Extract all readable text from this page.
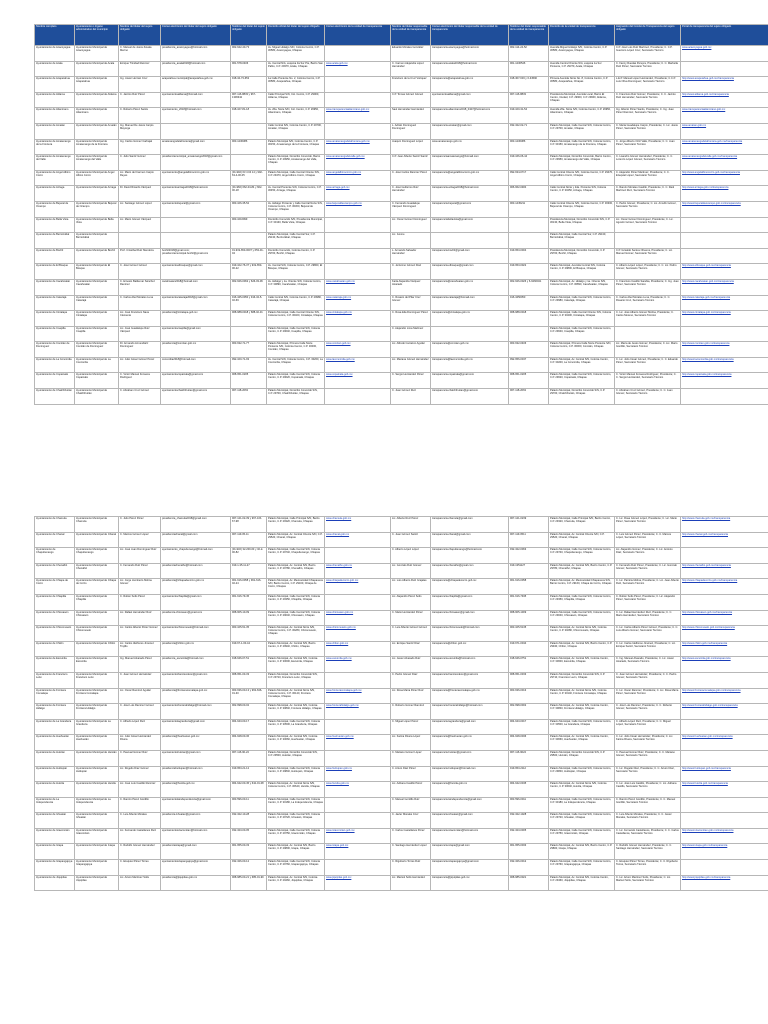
Nombre completo	Ayuntamiento o órgano administrativo del municipio	Nombre del titular del sujeto obligado	Correo electrónico del titular del sujeto obligado	Teléfono del titular del sujeto obligado	Domicilio oficial del titular del sujeto obligado	Correo electrónico de la unidad de transparencia	Nombre del titular responsable de la unidad de transparencia	Correo electrónico del titular responsable de la unidad de transparencia	Teléfono del titular responsable de la unidad de transparencia	Domicilio de la unidad de transparencia	Asignación del Comité de Transparencia del sujeto obligado	Portal de transparencia del sujeto obligado
Ayuntamiento de Acacoyagua	Ayuntamiento Municipal de Acacoyagua	C. Manuel de Jesús Zavala Merino	presidencia_acacoyagua@hotmail.com	962-642-40-73	Av. Miguel Hidalgo S/N, Colonia Centro, C.P. 30580, Acacoyagua, Chiapas		Eduardo Morales González	transparencia.acacoyagua@hotmail.com	962-114-24-52	Avenida Miguel Hidalgo S/N, Colonia Centro, C.P. 30580, Acacoyagua, Chiapas	C.P. José Luis Ruiz Martínez, Presidente; C. C.P. Guerrero López Cruz, Secretario Técnico	www.acacoyagua.gob.mx
Ayuntamiento de Acala	Ayuntamiento Municipal de Acala	Enrique Trinidad Ramírez	presidencia_acala2018@hotmail.com	961-578-0406	Av. Central N/A, esquina 3a Sur Pte, Barrio San Pablo, C.P. 29370, Acala, Chiapas	www.acala.gob.mx	C. Carmen Alejandra López Hernández	transparencia.acala2018@hotmail.com	961-1236546	Avenida Central Oriente N/A, esquina 1a Sur Poniente, C.P. 29370, Acala, Chiapas	C. Fanny Ruedas Pereyra, Presidente; C. C. Marbella Ruiz Pérez, Secretario Técnico	
Ayuntamiento de Acapetahua	Ayuntamiento Municipal de Acapetahua	Ing. Javier Hernán Cruz	acapetahua.municipal@acapetahua.gob.mx	918-34-73-653	1a Calle Poniente No. 2, Colonia Centro, C.P. 30580, Acapetahua, Chiapas		Francisco de la Cruz Vázquez	transparencia@acapetahua.gob.mx	918-307-633 y 6-34590	Primera Avenida Norte No. 8, Colonia Centro, C.P. 30580, Acapetahua, Chiapas	L.E.P. Manuel López Hernández, Presidente; C.C.P. Luis Oliva Domínguez, Secretario Técnico	http://www.acapetahua.gob.mx/transparencia
Ayuntamiento de Aldama	Ayuntamiento Municipal de Aldama	C. Jacinto Ruiz Pérez	ayuntamientoaldama@hotmail.com	967-116-8833 y 967-1306342	Calle Principal S/N, Col. Centro, C.P. 29900, Aldama, Chiapas		C.P. Tomas Gómez Gómez	ayuntamientoaldama@gmail.com	967-116-8833	Presidencia Municipal, Avenida Local, Barrio El Centro, Ciudad, C.P. 29900, C.P. 29900, Aldama, Chiapas	C. Francisco Ruiz Gómez, Presidente; C. C. Jacinto Ruiz Hernández, Secretario Técnico	http://www.aldama.gob.mx/transparencia
Ayuntamiento de Altamirano	Ayuntamiento Municipal de Altamirano	C. Roberto Pérez Santis	ayuntamiento_2018@hotmail.com	918-107-81-18	Av. 26a. Norte S/N, Col. Centro, C.P. 29950, Altamirano, Chiapas	www.transparenciaaltamirano.gob.mx	Saul Hernández Hernández	transparencia.altamirano2018_0427@hotmail.com	919-100-31-54	Avenida 26a. Norte S/N, Colonia Centro, C.P. 29950, Altamirano, Chiapas	Ing. Alberto Pérez Santis, Presidente; C. Ing. Juan Pérez Ramírez, Secretario Técnico	www.transparenciaaltamirano.gob.mx
Ayuntamiento de Amatán	Ayuntamiento Municipal de Amatán	Ing. Manuel De Jesús Carpio Mayorga			Calle Central S/N, Colonia Centro, C.P. 29700, Amatán, Chiapas		L. Adrián Domínguez Domínguez	transparencia.amatan@gmail.com	932-322-02-71	Palacio Municipal, Calle Central S/N, Colonia Centro, C.P. 29700, Amatán, Chiapas	C. María Guadalupe Carpio, Presidente; C. Lic. Jesús Pérez, Secretario Técnico	www.amatan.gob.mx
Ayuntamiento de Amatenango de la Frontera	Ayuntamiento Municipal de Amatenango de la Frontera	Ing. Carlos Gómez Carbajal	amatenangodelafrontera@gmail.com	963-1236386	Palacio Municipal S/N, Colonia Centro, C.P. 30150, Amatenango de la Frontera, Chiapas	www.amatenangodelafrontera.gob.mx	Joaquín Domínguez López	www.amatenango.gob.mx	963-1236386	Palacio Municipal, Calle Central S/N, Colonia Centro, C.P. 30150, Amatenango de la Frontera, Chiapas	C. Jorge Alberto Ortiz Valle, Presidente; C. C. Juan Pérez, Secretario Técnico	www.amatenangodelafrontera.gob.mx/transparencia
Ayuntamiento de Amatenango del Valle	Ayuntamiento Municipal de Amatenango del Valle	C. Julio Santiz Gómez	presidenciamunicipal_amatenango2018@gmail.com		Palacio Municipal, Domicilio Conocido, Barrio Centro, C.P. 29950, Amatenango del Valle, Chiapas	www.amatenangodelvalle.gob.mx	C.P. Juan Alberto Santiz Santiz	transparenciaamatenango@hotmail.com	919-166-06-44	Palacio Municipal, Domicilio Conocido, Barrio Centro, C.P. 29950, Amatenango del Valle, Chiapas	C. Lisandro Gómez Hernández, Presidente; C. C. Lorenzo López Gómez, Secretario Técnico	www.amatenangodelvalle.gob.mx/transparencia
Ayuntamiento de Angel Albino Corzo	Ayuntamiento Municipal de Angel Albino Corzo	Lic. Mario del Carmen Carpio Reyes	ayuntamiento@angelalbinocorzo.gob.mx	(01-992) 63 4 04 14 y 992-63-4-00-05	Palacio Municipal, Calle Central Oriente S/N, C.P. 29470, Angel Albino Corzo, Chiapas	www.angelalbinocorzo.gob.mx	C. José Carlos Ramírez Pérez	transparencia@angelalbinocorzo.gob.mx	992-634-0717	Calle Central Oriente S/N, Colonia Centro, C.P. 29470, Angel Albino Corzo, Chiapas	C. Alejandro Pérez Martínez, Presidente; C. C. Ezequiel López, Secretario Técnico	http://www.angelalbinocorzo.gob.mx/transparencia
Ayuntamiento de Arriaga	Ayuntamiento Municipal de Arriaga	Dr. David Ricardo Vázquez	ayuntamientoarriaga2018@hotmail.com	(01-966) 662-04-84 y 662-00-18	Av. Central Poniente S/N, Colonia Centro, C.P. 30450, Arriaga, Chiapas	www.arriaga.gob.mx	C. José Guillermo Ruiz Hernández	transparencia.arriaga2018@hotmail.com	966-662-0484	Calle Central Norte y 2da. Poniente S/N, Colonia Centro, C.P. 30450, Arriaga, Chiapas	C. Ramón Morales Castillo, Presidente; C. C. Raúl Martínez Ruiz, Secretario Técnico	http://www.arriaga.gob.mx/transparencia
Ayuntamiento de Bejucal de Ocampo	Ayuntamiento Municipal de Bejucal de Ocampo	Lic. Santiago Gómez López	ayuntamientobejucal@gmail.com	963-106-35-52	Av. Hidalgo Poniente y Calle Central Norte S/N, Colonia Centro, C.P. 30300, Bejucal de Ocampo, Chiapas	www.bejucaldeocampo.gob.mx	C. Fernando Guadalupe Vázquez Domínguez	transparencia.bejucal@gmail.com	963-1445211	Calle Central Oriente S/N, Colonia Centro, C.P. 30300, Bejucal de Ocampo, Chiapas	C. Pedro Gómez, Presidente; C. Lic. Arnulfo Gómez, Secretario Técnico	http://www.bejucaldeocampo.gob.mx/transparencia
Ayuntamiento de Bella Vista	Ayuntamiento Municipal de Bella Vista	Lic. Mario Gómez Vázquez		963-1016999	Domicilio Conocido S/N, Presidencia Municipal, C.P. 30130, Bella Vista, Chiapas		Lic. Oscar Gómez Domínguez	transparenciabellavista@gmail.com		Presidencia Municipal, Domicilio Conocido S/N, C.P. 30130, Bella Vista, Chiapas	Lic. Oscar Gómez Domínguez, Presidente; C. Lic. Agustín Gómez, Secretario Técnico	
Ayuntamiento de Berriozábal	Ayuntamiento Municipal de Berriozábal				Palacio Municipal, Calle Central Sur, C.P. 29130, Berriozábal, Chiapas		Lic. Ivonne			Palacio Municipal, Calle Central Sur, C.P. 29130, Berriozábal, Chiapas		
Ayuntamiento de Bochil	Ayuntamiento Municipal de Bochil	Prof. Cristóbal Ruiz Mendoza	bochil2018@gmail.com; presidenciamunicipal.bochil@gmail.com	01-919-653-0007 y 653-01-04	Domicilio Conocido, Colonia Centro, C.P. 29700, Bochil, Chiapas		L. Armando Salvador Hernández	transparencia.bochil@gmail.com	919-653-0004	Presidencia Municipal, Domicilio Conocido, C.P. 29700, Bochil, Chiapas	C.P. Grisaldo Santos Oliveros, Presidente; C. Lic. Manuel Gómez, Secretario Técnico	
Ayuntamiento de El Bosque	Ayuntamiento Municipal de El Bosque	C. José Gómez Gómez	ayuntamientoelbosque@gmail.com	919-102-76-37 y 919-653-00-22	Av. Central S/N, Colonia Centro, C.P. 29800, El Bosque, Chiapas		C. Jerónimo Gómez Díaz	transparencia.elbosque@gmail.com	919-653-0022	Palacio Municipal, Avenida Central S/N, Colonia Centro, C.P. 29800, El Bosque, Chiapas	C. Alberto López López, Presidente; C. C. Lic. Pedro Gómez, Secretario Técnico	http://www.elbosque.gob.mx/transparencia
Ayuntamiento de Cacahoatán	Ayuntamiento Municipal de Cacahoatán	C. Ernesto Baldemar Sánchez Ramírez	cacahoatan2018@hotmail.com	962-626-0062 y 626-03-06	Av. Hidalgo y 1a. Oriente S/N, Colonia Centro, C.P. 30890, Cacahoatán, Chiapas	www.cacahoatan.gob.mx	Karla Alejandra Vázquez Alvarado	transparencia@cacahoatan.gob.mx	962-626-0026 y 6-6266041	Palacio Municipal, Av. Hidalgo y 1a. Oriente S/N, Colonia Centro, C.P. 30890, Cacahoatán, Chiapas	C. Francisco Castillo Sarabia, Presidente; C. Ing. Juan Pérez, Secretario Técnico	http://www.cacahoatan.gob.mx/transparencia
Ayuntamiento de Catazajá	Ayuntamiento Municipal de Catazajá	C. Carlos Abel Morales Luna	ayuntamientocatazaja2018@gmail.com	916-345-0050 y 916-34-5-02-69	Calle Central S/N, Colonia Centro, C.P. 29980, Catazajá, Chiapas	www.catazaja.gob.mx	C. Rosario del Pilar Cruz Gómez	transparencia.catazaja@hotmail.com	916-3450050	Palacio Municipal, Calle Central S/N, Colonia Centro, C.P. 29980, Catazajá, Chiapas	C. Carlos Abel Morales Luna, Presidente; C. C. Rosario Cruz, Secretario Técnico	http://www.catazaja.gob.mx/transparencia
Ayuntamiento de Cintalapa	Ayuntamiento Municipal de Cintalapa	Lic. José Francisco Nava Clemente	presidencia@cintalapa.gob.mx	968-688-0018 y 688-02-31	Palacio Municipal, Calle Central Oriente S/N, Colonia Centro, C.P. 30400, Cintalapa, Chiapas	www.cintalapa.gob.mx	C. Rosa Elia Domínguez Pérez	transparencia@cintalapa.gob.mx	968-688-0018	Palacio Municipal, Calle Central Oriente S/N, Colonia Centro, C.P. 30400, Cintalapa, Chiapas	C. Lic. José Alberto Gómez Molina, Presidente; C. Carlos Moreno, Secretario Técnico	http://www.cintalapa.gob.mx/transparencia
Ayuntamiento de Coapilla	Ayuntamiento Municipal de Coapilla	Lic. José Guadalupe Ruiz Vázquez	ayuntamientocoapilla@gmail.com		Palacio Municipal, Calle Central S/N, Colonia Centro, C.P. 29640, Coapilla, Chiapas		C. Alejandro Lima Martínez			Palacio Municipal, Calle Central S/N, Colonia Centro, C.P. 29640, Coapilla, Chiapas		
Ayuntamiento de Comitán de Domínguez	Ayuntamiento Municipal de Comitán de Domínguez	Dr. Armando Armendáriz Domínguez	presidencia@comitan.gob.mx	963-632-71-77	Palacio Municipal, Primera Calle Norte Poniente S/N, Colonia Centro, C.P. 30000, Comitán, Chiapas	www.comitan.gob.mx	Lic. Alfredo Carrazco Aguilar	transparencia@comitan.gob.mx	963-632-0406	Palacio Municipal, Primera Calle Norte Poniente S/N, Colonia Centro, C.P. 30000, Comitán, Chiapas	Lic. María de Jesús Gómez, Presidente; C. Lic. Mario Gordillo, Secretario Técnico	http://www.comitan.gob.mx/transparencia
Ayuntamiento de La Concordia	Ayuntamiento Municipal de La Concordia	Lic. Julio César Gómez Pérez	concordia2018@hotmail.com	992-100-71-93	Av. Central S/N, Colonia Centro, C.P. 30200, La Concordia, Chiapas	www.laconcordia.gob.mx	Lic. Mariana Gómez Hernández	transparencia@laconcordia.gob.mx	992-656-0047	Palacio Municipal, Av. Central S/N, Colonia Centro, C.P. 30200, La Concordia, Chiapas	C. Lic. Julio César Gómez, Presidente; C. C. Eduardo Pérez, Secretario Técnico	http://www.laconcordia.gob.mx/transparencia
Ayuntamiento de Copainalá	Ayuntamiento Municipal de Copainalá	C. Victor Manuel Fonseca Rodríguez	ayuntamientocopainala@gmail.com	968-651-0205	Palacio Municipal, Calle Central S/N, Colonia Centro, C.P. 29620, Copainalá, Chiapas	www.copainala.gob.mx	C. Sergio Hernández Pérez	transparencia.copainala@gmail.com	968-651-0205	Palacio Municipal, Calle Central S/N, Colonia Centro, C.P. 29620, Copainalá, Chiapas	C. Victor Manuel Fonseca Rodríguez, Presidente; C. C. Sergio Hernández, Secretario Técnico	http://www.copainala.gob.mx/transparencia
Ayuntamiento de Chalchihuitán	Ayuntamiento Municipal de Chalchihuitán	C. Abraham Cruz Gómez	ayuntamientochalchihuitan@gmail.com	967-118-2063	Palacio Municipal, Domicilio Conocido S/N, C.P. 29700, Chalchihuitán, Chiapas		C. Juan Gómez Ruiz	transparencia.chalchihuitan@gmail.com	967-118-2063	Palacio Municipal, Domicilio Conocido S/N, C.P. 29700, Chalchihuitán, Chiapas	C. Abraham Cruz Gómez, Presidente; C. C. Juan Gómez, Secretario Técnico	
Ayuntamiento de Chamula	Ayuntamiento Municipal de Chamula	C. Julio Pérez Pérez	presidencia_chamula2018@gmail.com	967-121-02-39 y 967-115-67-98	Palacio Municipal, Calle Principal S/N, Barrio Centro, C.P. 29320, Chamula, Chiapas	www.chamula.gob.mx	Lic. Alberto Ruiz Pérez	transparencia.chamula@gmail.com	967-121-0239	Palacio Municipal, Calle Principal S/N, Barrio Centro, C.P. 29320, Chamula, Chiapas	C. Lic. Rosa Gómez López, Presidente; C. Lic. Mario Pérez, Secretario Técnico	http://www.chamula.gob.mx/transparencia
Ayuntamiento de Chanal	Ayuntamiento Municipal de Chanal	C. Marcos Gómez López	presidenciachanal@gmail.com	967-119-05-11	Palacio Municipal, Av. Central Oriente S/N, C.P. 29520, Chanal, Chiapas	www.chanal.gob.mx	C. Juan Gómez Santiz	transparencia.chanal@gmail.com	967-119-0511	Palacio Municipal, Av. Central Oriente S/N, C.P. 29520, Chanal, Chiapas	C. Luis Gómez Pérez, Presidente; C. C. Marcos López, Secretario Técnico	http://www.chanal.gob.mx/transparencia
Ayuntamiento de Chapultenango	Ayuntamiento Municipal de Chapultenango	Lic. José Juan Domínguez Ruiz	ayuntamiento_chapultenango@hotmail.com	(01-932) 32-200-63 y 32-2-00-82	Palacio Municipal, Calle Central S/N, Colonia Centro, C.P. 29740, Chapultenango, Chiapas		C. Alberto López López	transparencia.chapultenango@hotmail.com	932-322-0063	Palacio Municipal, Calle Central S/N, Colonia Centro, C.P. 29740, Chapultenango, Chiapas	Lic. Alejandro Gómez, Presidente; C. Lic. Antonio Díaz, Secretario Técnico	
Ayuntamiento de Chenalhó	Ayuntamiento Municipal de Chenalhó	C. Fernando Ruiz Pérez	presidenciachenalho@hotmail.com	919-1-35-11-27	Palacio Municipal, Av. Central S/N, Barrio Centro, C.P. 29780, Chenalhó, Chiapas	www.chenalho.gob.mx	Lic. Gonzalo Ruiz Gómez	transparencia.chenalho@gmail.com	919-1351127	Palacio Municipal, Av. Central S/N, Barrio Centro, C.P. 29780, Chenalhó, Chiapas	C. Fernando Ruiz Pérez, Presidente; C. Lic. Gonzalo Gómez, Secretario Técnico	http://www.chenalho.gob.mx/transparencia
Ayuntamiento de Chiapa de Corzo	Ayuntamiento Municipal de Chiapa de Corzo	Lic. Jorge Humberto Molina Gómez	presidencia@chiapadecorzo.gob.mx	961-616-0058 y 961-616-02-24	Palacio Municipal, Av. Mexicanidad Chiapaneca S/N, Barrio Centro, C.P. 29160, Chiapa de Corzo, Chiapas	www.chiapadecorzo.gob.mx	Lic. Luis Alberto Ruiz Grajales	transparencia@chiapadecorzo.gob.mx	961-616-0058	Palacio Municipal, Av. Mexicanidad Chiapaneca S/N, Barrio Centro, C.P. 29160, Chiapa de Corzo, Chiapas	C. Lic. Patricia Molina, Presidente; C. Lic. Juan Alberto Ruiz, Secretario Técnico	http://www.chiapadecorzo.gob.mx/transparencia
Ayuntamiento de Chiapilla	Ayuntamiento Municipal de Chiapilla	C. Rubén Solís Pérez	ayuntamientochiapilla@gmail.com	961-616-79-45	Palacio Municipal, Calle Central S/N, Colonia Centro, C.P. 29350, Chiapilla, Chiapas		Lic. Alejandro Pérez Solís	transparencia.chiapilla@gmail.com	961-616-7945	Palacio Municipal, Calle Central S/N, Colonia Centro, C.P. 29350, Chiapilla, Chiapas	C. Rubén Solís Pérez, Presidente; C. Lic. Alejandro Pérez, Secretario Técnico	
Ayuntamiento de Chicoasén	Ayuntamiento Municipal de Chicoasén	Lic. Rafael Hernández Ruiz	presidencia.chicoasen@gmail.com	968-605-10-09	Palacio Municipal, Calle Central S/N, Colonia Centro, C.P. 29040, Chicoasén, Chiapas	www.chicoasen.gob.mx	C. Mario Hernández Pérez	transparencia.chicoasen@gmail.com	968-605-1009	Palacio Municipal, Calle Central S/N, Colonia Centro, C.P. 29040, Chicoasén, Chiapas	C. Lic. Rafael Hernández Ruiz, Presidente; C. C. Mario Hernández, Secretario Técnico	http://www.chicoasen.gob.mx/transparencia
Ayuntamiento de Chicomuselo	Ayuntamiento Municipal de Chicomuselo	Lic. Carlos Alberto Pérez Gómez	ayuntamientochicomuselo@hotmail.com	963-105-51-35	Palacio Municipal, Av. Central Norte S/N, Colonia Centro, C.P. 30280, Chicomuselo, Chiapas	www.chicomuselo.gob.mx	C. Luis Alberto Gómez Gómez	transparencia.chicomuselo@hotmail.com	963-105-5135	Palacio Municipal, Av. Central Norte S/N, Colonia Centro, C.P. 30280, Chicomuselo, Chiapas	C. Lic. Carlos Alberto Pérez Gómez, Presidente; C. C. Luis Alberto Gómez, Secretario Técnico	http://www.chicomuselo.gob.mx/transparencia
Ayuntamiento de Chilón	Ayuntamiento Municipal de Chilón	Lic. Carlos Idelfonso Jiménez Trujillo	presidencia@chilon.gob.mx	919-67-1-00-44	Palacio Municipal, Av. Central S/N, Barrio Centro, C.P. 29940, Chilón, Chiapas	www.chilon.gob.mx	Lic. Enrique Santiz Díaz	transparencia@chilon.gob.mx	919-671-0044	Palacio Municipal, Av. Central S/N, Barrio Centro, C.P. 29940, Chilón, Chiapas	C. Lic. Carlos Idelfonso Jiménez, Presidente; C. Lic. Enrique Santiz, Secretario Técnico	http://www.chilon.gob.mx/transparencia
Ayuntamiento de Escuintla	Ayuntamiento Municipal de Escuintla	Ing. Manuel Alvarado Pérez	presidencia_escuintla@hotmail.com	918-646-07-51	Palacio Municipal, Av. Central S/N, Colonia Centro, C.P. 30600, Escuintla, Chiapas	www.escuintla.gob.mx	Lic. Javier Alvarado Ruiz	transparencia.escuintla@hotmail.com	918-646-0751	Palacio Municipal, Av. Central S/N, Colonia Centro, C.P. 30600, Escuintla, Chiapas	C. Ing. Manuel Alvarado, Presidente; C. Lic. Javier Alvarado, Secretario Técnico	http://www.escuintla.gob.mx/transparencia
Ayuntamiento de Francisco León	Ayuntamiento Municipal de Francisco León	C. Juan Gómez Hernández	ayuntamientofranciscoleon@gmail.com	968-651-03-33	Palacio Municipal, Domicilio Conocido S/N, C.P. 29710, Francisco León, Chiapas		C. Pedro Gómez Díaz	transparencia.franciscoleon@gmail.com	968-651-0333	Palacio Municipal, Domicilio Conocido S/N, C.P. 29710, Francisco León, Chiapas	C. Juan Gómez Hernández, Presidente; C. C. Pedro Gómez, Secretario Técnico	
Ayuntamiento de Frontera Comalapa	Ayuntamiento Municipal de Frontera Comalapa	Lic. Oscar Ramírez Aguilar	presidencia@fronteracomalapa.gob.mx	963-636-00-13 y 963-636-01-30	Palacio Municipal, Av. Central Norte S/N, Colonia Centro, C.P. 30140, Frontera Comalapa, Chiapas	www.fronteracomalapa.gob.mx	Lic. Rosa María Pérez Ruiz	transparencia@fronteracomalapa.gob.mx	963-636-0013	Palacio Municipal, Av. Central Norte S/N, Colonia Centro, C.P. 30140, Frontera Comalapa, Chiapas	C. Lic. Oscar Ramírez, Presidente; C. Lic. Rosa María Pérez, Secretario Técnico	http://www.fronteracomalapa.gob.mx/transparencia
Ayuntamiento de Frontera Hidalgo	Ayuntamiento Municipal de Frontera Hidalgo	C. José Luis Ramírez Gómez	ayuntamientofronterahidalgo@hotmail.com	962-698-00-02	Palacio Municipal, Av. Central S/N, Colonia Centro, C.P. 30840, Frontera Hidalgo, Chiapas	www.fronterahidalgo.gob.mx	C. Roberto Gómez Ramírez	transparencia.fronterahidalgo@hotmail.com	962-698-0002	Palacio Municipal, Av. Central S/N, Colonia Centro, C.P. 30840, Frontera Hidalgo, Chiapas	C. José Luis Ramírez, Presidente; C. C. Roberto Gómez, Secretario Técnico	http://www.fronterahidalgo.gob.mx/transparencia
Ayuntamiento de La Grandeza	Ayuntamiento Municipal de La Grandeza	C. Alfredo López Ruiz	ayuntamientolagrandeza@gmail.com	964-643-00-17	Palacio Municipal, Calle Central S/N, Colonia Centro, C.P. 30500, La Grandeza, Chiapas		C. Miguel López Pérez	transparencia.lagrandeza@gmail.com	964-643-0017	Palacio Municipal, Calle Central S/N, Colonia Centro, C.P. 30500, La Grandeza, Chiapas	C. Alfredo López Ruiz, Presidente; C. C. Miguel López, Secretario Técnico	
Ayuntamiento de Huehuetán	Ayuntamiento Municipal de Huehuetán	Lic. Julio César Hernández Rivera	presidencia@huehuetan.gob.mx	964-628-00-36	Palacio Municipal, Av. Central S/N, Colonia Centro, C.P. 30660, Huehuetán, Chiapas	www.huehuetan.gob.mx	Lic. Karina Rivera López	transparencia@huehuetan.gob.mx	964-628-0036	Palacio Municipal, Av. Central S/N, Colonia Centro, C.P. 30660, Huehuetán, Chiapas	C. Lic. Julio César Hernández, Presidente; C. Lic. Karina Rivera, Secretario Técnico	http://www.huehuetan.gob.mx/transparencia
Ayuntamiento de Huixtán	Ayuntamiento Municipal de Huixtán	C. Pascual Gómez Ruiz	ayuntamientohuixtan@gmail.com	967-116-90-24	Palacio Municipal, Domicilio Conocido S/N, C.P. 29500, Huixtán, Chiapas		C. Mariano Gómez López	transparencia.huixtan@gmail.com	967-116-9024	Palacio Municipal, Domicilio Conocido S/N, C.P. 29500, Huixtán, Chiapas	C. Pascual Gómez Ruiz, Presidente; C. C. Mariano Gómez, Secretario Técnico	
Ayuntamiento de Huitiupán	Ayuntamiento Municipal de Huitiupán	Lic. Rogelio Díaz Gómez	presidenciahuitiupan@hotmail.com	919-653-21-12	Palacio Municipal, Calle Central S/N, Colonia Centro, C.P. 29840, Huitiupán, Chiapas	www.huitiupan.gob.mx	C. Arturo Díaz Pérez	transparencia.huitiupan@hotmail.com	919-653-2112	Palacio Municipal, Calle Central S/N, Colonia Centro, C.P. 29840, Huitiupán, Chiapas	C. Lic. Rogelio Díaz, Presidente; C. C. Arturo Díaz, Secretario Técnico	http://www.huitiupan.gob.mx/transparencia
Ayuntamiento de Huixtla	Ayuntamiento Municipal de Huixtla	Lic. José Luis Castillo Ramírez	presidencia@huixtla.gob.mx	964-642-00-45 y 642-01-08	Palacio Municipal, Av. Central Norte S/N, Colonia Centro, C.P. 30640, Huixtla, Chiapas	www.huixtla.gob.mx	Lic. Adriana Castillo Pérez	transparencia@huixtla.gob.mx	964-642-0045	Palacio Municipal, Av. Central Norte S/N, Colonia Centro, C.P. 30640, Huixtla, Chiapas	C. Lic. José Luis Castillo, Presidente; C. Lic. Adriana Castillo, Secretario Técnico	http://www.huixtla.gob.mx/transparencia
Ayuntamiento de La Independencia	Ayuntamiento Municipal de La Independencia	C. Ramiro Pérez Gordillo	ayuntamientolaindependencia@gmail.com	963-596-00-11	Palacio Municipal, Calle Central S/N, Colonia Centro, C.P. 30180, La Independencia, Chiapas		C. Manuel Gordillo Ruiz	transparencia.laindependencia@gmail.com	963-596-0011	Palacio Municipal, Calle Central S/N, Colonia Centro, C.P. 30180, La Independencia, Chiapas	C. Ramiro Pérez Gordillo, Presidente; C. C. Manuel Gordillo, Secretario Técnico	
Ayuntamiento de Ixhuatán	Ayuntamiento Municipal de Ixhuatán	C. Luis Alberto Morales	presidencia.ixhuatan@gmail.com	932-322-10-28	Palacio Municipal, Calle Central S/N, Colonia Centro, C.P. 29720, Ixhuatán, Chiapas		C. Javier Morales Cruz	transparencia.ixhuatan@gmail.com	932-322-1028	Palacio Municipal, Calle Central S/N, Colonia Centro, C.P. 29720, Ixhuatán, Chiapas	C. Luis Alberto Morales, Presidente; C. C. Javier Morales, Secretario Técnico	
Ayuntamiento de Ixtacomitán	Ayuntamiento Municipal de Ixtacomitán	Lic. Fernando Castellanos Ruiz	ayuntamientoixtacomitan@hotmail.com	932-323-00-05	Palacio Municipal, Calle Central S/N, Colonia Centro, C.P. 29750, Ixtacomitán, Chiapas	www.ixtacomitan.gob.mx	C. Carlos Castellanos Pérez	transparencia.ixtacomitan@hotmail.com	932-323-0005	Palacio Municipal, Calle Central S/N, Colonia Centro, C.P. 29750, Ixtacomitán, Chiapas	C. Lic. Fernando Castellanos, Presidente; C. C. Carlos Castellanos, Secretario Técnico	http://www.ixtacomitan.gob.mx/transparencia
Ayuntamiento de Ixtapa	Ayuntamiento Municipal de Ixtapa	C. Rodolfo Gómez Hernández	presidenciaixtapa@gmail.com	961-655-00-33	Palacio Municipal, Av. Central S/N, Barrio Centro, C.P. 29800, Ixtapa, Chiapas	www.ixtapa.gob.mx	C. Santiago Hernández López	transparencia.ixtapa@gmail.com	961-655-0033	Palacio Municipal, Av. Central S/N, Barrio Centro, C.P. 29800, Ixtapa, Chiapas	C. Rodolfo Gómez Hernández, Presidente; C. C. Santiago Hernández, Secretario Técnico	http://www.ixtapa.gob.mx/transparencia
Ayuntamiento de Ixtapangajoya	Ayuntamiento Municipal de Ixtapangajoya	C. Ezequiel Pérez Torres	ayuntamientoixtapangajoya@gmail.com	932-326-00-12	Palacio Municipal, Calle Central S/N, Colonia Centro, C.P. 29760, Ixtapangajoya, Chiapas		C. Rigoberto Torres Ruiz	transparencia.ixtapangajoya@gmail.com	932-326-0012	Palacio Municipal, Calle Central S/N, Colonia Centro, C.P. 29760, Ixtapangajoya, Chiapas	C. Ezequiel Pérez Torres, Presidente; C. C. Rigoberto Torres, Secretario Técnico	
Ayuntamiento de Jiquipilas	Ayuntamiento Municipal de Jiquipilas	Lic. Arturo Martínez Solís	presidencia@jiquipilas.gob.mx	968-685-00-21 y 685-01-99	Palacio Municipal, Av. Central S/N, Colonia Centro, C.P. 29460, Jiquipilas, Chiapas	www.jiquipilas.gob.mx	Lic. Marisol Solís Hernández	transparencia@jiquipilas.gob.mx	968-685-0021	Palacio Municipal, Av. Central S/N, Colonia Centro, C.P. 29460, Jiquipilas, Chiapas	C. Lic. Arturo Martínez Solís, Presidente; C. Lic. Marisol Solís, Secretario Técnico	http://www.jiquipilas.gob.mx/transparencia
